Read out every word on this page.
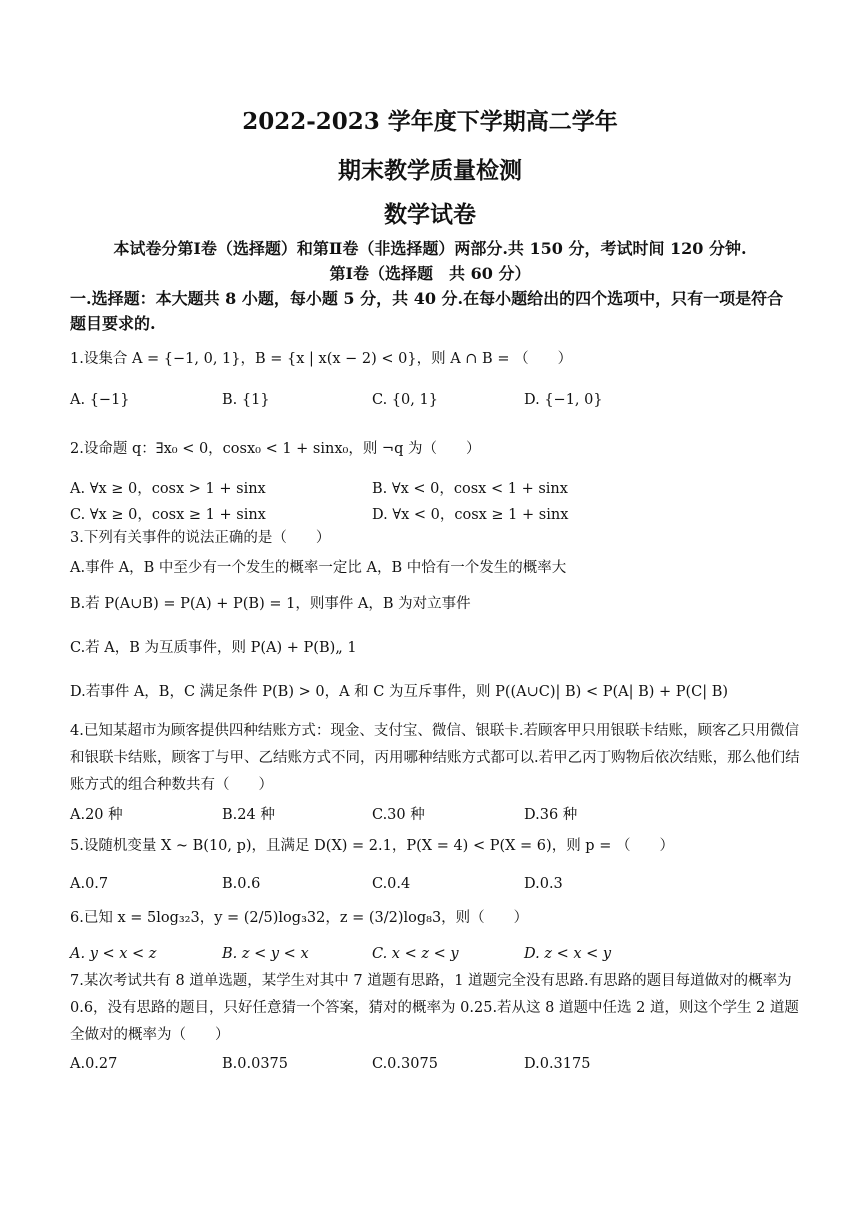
2022-2023 学年度下学期高二学年
期末教学质量检测
数学试卷
本试卷分第Ⅰ卷（选择题）和第Ⅱ卷（非选择题）两部分.共 150 分，考试时间 120 分钟.
第Ⅰ卷（选择题　共 60 分）
一.选择题：本大题共 8 小题，每小题 5 分，共 40 分.在每小题给出的四个选项中，只有一项是符合题目要求的.
1.设集合 A = {−1, 0, 1}，B = {x | x(x − 2) < 0}，则 A ∩ B = （　　）
A. {−1}	B. {1}	C. {0, 1}	D. {−1, 0}
2.设命题 q：∃x₀ < 0，cosx₀ < 1 + sinx₀，则 ¬q 为（　　）
A. ∀x ≥ 0，cosx > 1 + sinx	B. ∀x < 0，cosx < 1 + sinx
C. ∀x ≥ 0，cosx ≥ 1 + sinx	D. ∀x < 0，cosx ≥ 1 + sinx
3.下列有关事件的说法正确的是（　　）
A.事件 A，B 中至少有一个发生的概率一定比 A，B 中恰有一个发生的概率大
B.若 P(A∪B) = P(A) + P(B) = 1，则事件 A，B 为对立事件
C.若 A，B 为互质事件，则 P(A) + P(B)„ 1
D.若事件 A，B，C 满足条件 P(B) > 0，A 和 C 为互斥事件，则 P((A∪C)| B) < P(A| B) + P(C| B)
4.已知某超市为顾客提供四种结账方式：现金、支付宝、微信、银联卡.若顾客甲只用银联卡结账，顾客乙只用微信和银联卡结账，顾客丁与甲、乙结账方式不同，丙用哪种结账方式都可以.若甲乙丙丁购物后依次结账，那么他们结账方式的组合种数共有（　　）
A.20 种	B.24 种	C.30 种	D.36 种
5.设随机变量 X ~ B(10, p)，且满足 D(X) = 2.1，P(X = 4) < P(X = 6)，则 p = （　　）
A.0.7	B.0.6	C.0.4	D.0.3
6.已知 x = 5log₃₂3，y = (2/5)log₃32，z = (3/2)log₈3，则（　　）
A. y < x < z	B. z < y < x	C. x < z < y	D. z < x < y
7.某次考试共有 8 道单选题，某学生对其中 7 道题有思路，1 道题完全没有思路.有思路的题目每道做对的概率为 0.6，没有思路的题目，只好任意猜一个答案，猜对的概率为 0.25.若从这 8 道题中任选 2 道，则这个学生 2 道题全做对的概率为（　　）
A.0.27	B.0.0375	C.0.3075	D.0.3175
